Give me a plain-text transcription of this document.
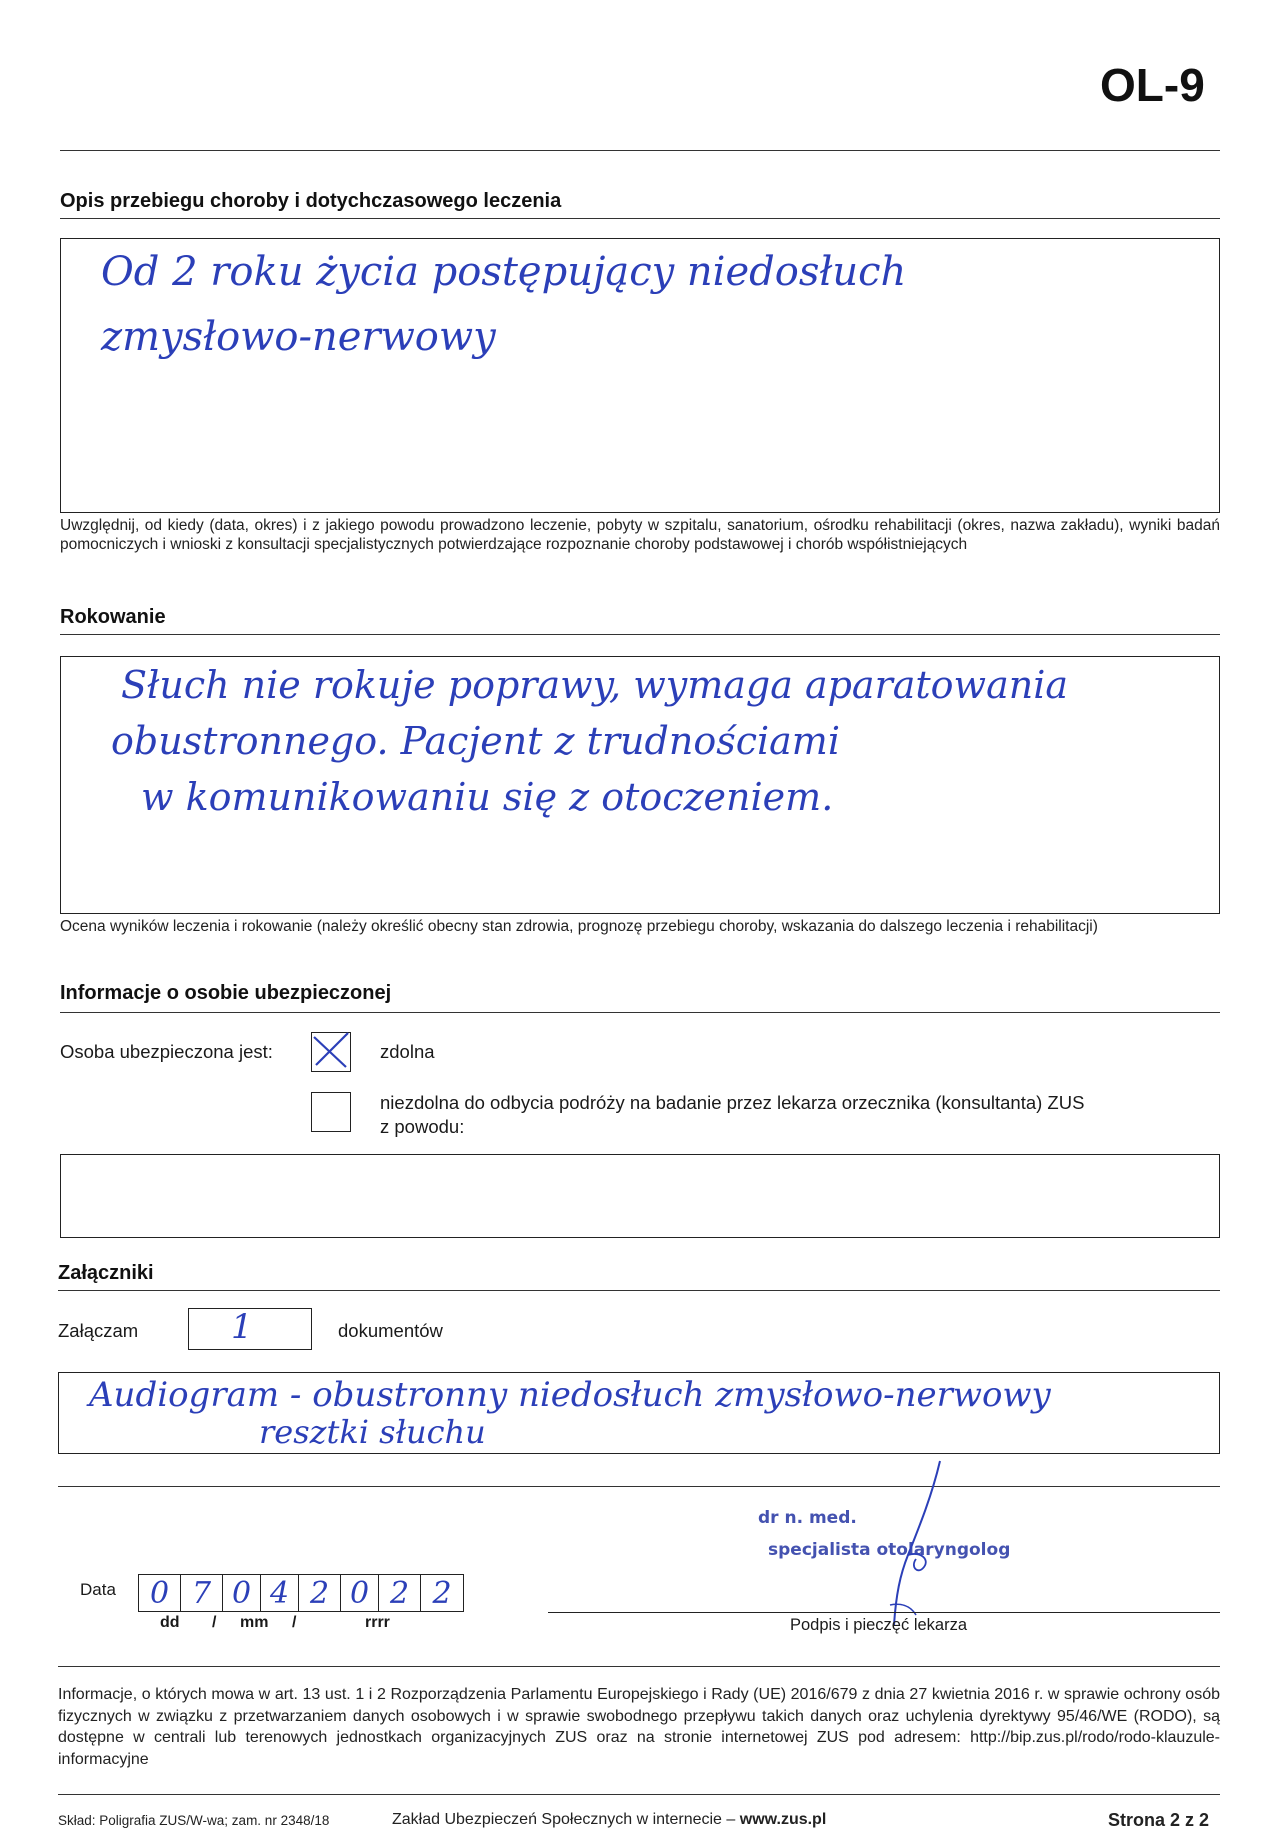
OL-9
Opis przebiegu choroby i dotychczasowego leczenia
Od 2 roku życia postępujący niedosłuch
zmysłowo-nerwowy
Uwzględnij, od kiedy (data, okres) i z jakiego powodu prowadzono leczenie, pobyty w szpitalu, sanatorium, ośrodku rehabilitacji (okres, nazwa zakładu), wyniki badań pomocniczych i wnioski z konsultacji specjalistycznych potwierdzające rozpoznanie choroby podstawowej i chorób współistniejących
Rokowanie
Słuch nie rokuje poprawy, wymaga aparatowania
obustronnego. Pacjent z trudnościami
w komunikowaniu się z otoczeniem.
Ocena wyników leczenia i rokowanie (należy określić obecny stan zdrowia, prognozę przebiegu choroby, wskazania do dalszego leczenia i rehabilitacji)
Informacje o osobie ubezpieczonej
Osoba ubezpieczona jest:	zdolna
niezdolna do odbycia podróży na badanie przez lekarza orzecznika (konsultanta) ZUS
z powodu:
Załączniki
Załączam	1	dokumentów
Audiogram - obustronny niedosłuch zmysłowo-nerwowy
resztki słuchu
Data	0 7 0 4 2 0 2 2
dd / mm /	rrrr
dr n. med.
specjalista otolaryngolog
Podpis i pieczęć lekarza
Informacje, o których mowa w art. 13 ust. 1 i 2 Rozporządzenia Parlamentu Europejskiego i Rady (UE) 2016/679 z dnia 27 kwietnia 2016 r. w sprawie ochrony osób fizycznych w związku z przetwarzaniem danych osobowych i w sprawie swobodnego przepływu takich danych oraz uchylenia dyrektywy 95/46/WE (RODO), są dostępne w centrali lub terenowych jednostkach organizacyjnych ZUS oraz na stronie internetowej ZUS pod adresem: http://bip.zus.pl/rodo/rodo-klauzule-informacyjne
Skład: Poligrafia ZUS/W-wa; zam. nr 2348/18	Zakład Ubezpieczeń Społecznych w internecie – www.zus.pl	Strona 2 z 2
